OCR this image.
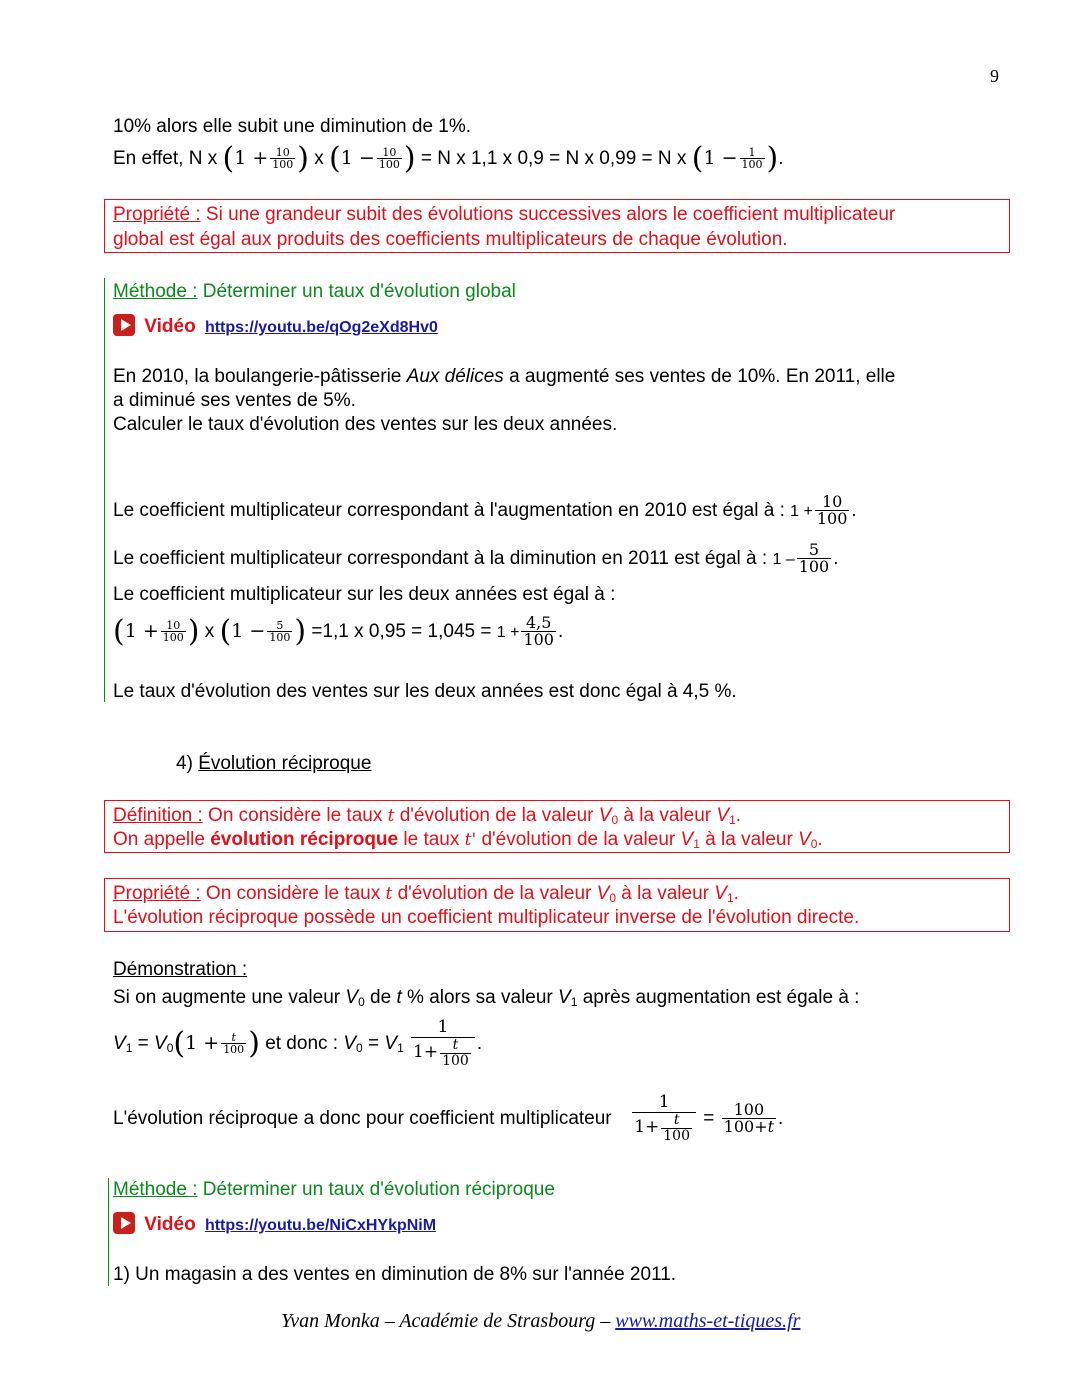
9
10% alors elle subit une diminution de 1%.
En effet, N x ($1 + \frac{10}{100}$ ) x ($1 - \frac{10}{100}$ ) = N x 1,1 x 0,9 = N x 0,99 = N x ($1 - \frac{1}{100}$ ).
Propriété : Si une grandeur subit des évolutions successives alors le coefficient multiplicateur
global est égal aux produits des coefficients multiplicateurs de chaque évolution.
Méthode : Déterminer un taux d'évolution global
Vidéo https://youtu.be/qOg2eXd8Hv0
En 2010, la boulangerie-pâtisserie Aux délices a augmenté ses ventes de 10%. En 2011, elle
a diminué ses ventes de 5%.
Calculer le taux d'évolution des ventes sur les deux années.
Le coefficient multiplicateur correspondant à l'augmentation en 2010 est égal à : $1 + \frac{10}{100}$ .
Le coefficient multiplicateur correspondant à la diminution en 2011 est égal à : $1 - \frac{5}{100}$ .
Le coefficient multiplicateur sur les deux années est égal à :
($1 + \frac{10}{100}$ ) x ($1 - \frac{5}{100}$ ) =1,1 x $0,95 = 1,045 = 1 + \frac{4,5}{100}$ .
Le taux d'évolution des ventes sur les deux années est donc égal à 4,5 %.
4) Évolution réciproque
Définition : On considère le taux t d'évolution de la valeur $V_0$ à la valeur $V_1$.
On appelle évolution réciproque le taux t' d'évolution de la valeur $V_1$ à la valeur $V_0$.
Propriété : On considère le taux t d'évolution de la valeur $V_0$ à la valeur $V_1$.
L'évolution réciproque possède un coefficient multiplicateur inverse de l'évolution directe.
Démonstration :
Si on augmente une valeur $V_0$ de t % alors sa valeur $V_1$ après augmentation est égale à :
$V_1 = V_0(1 + \frac{t}{100}$ ) et donc : $V_0 = V_1 \frac{1}{1+ \frac{t}{100}}$ .
L'évolution réciproque a donc pour coefficient multiplicateur $\frac{1}{1+ \frac{t}{100}} = \frac{100}{100+t}$ .
Méthode : Déterminer un taux d'évolution réciproque
Vidéo https://youtu.be/NiCxHYkpNiM
1) Un magasin a des ventes en diminution de 8% sur l'année 2011.
Yvan Monka – Académie de Strasbourg – www.maths-et-tiques.fr
